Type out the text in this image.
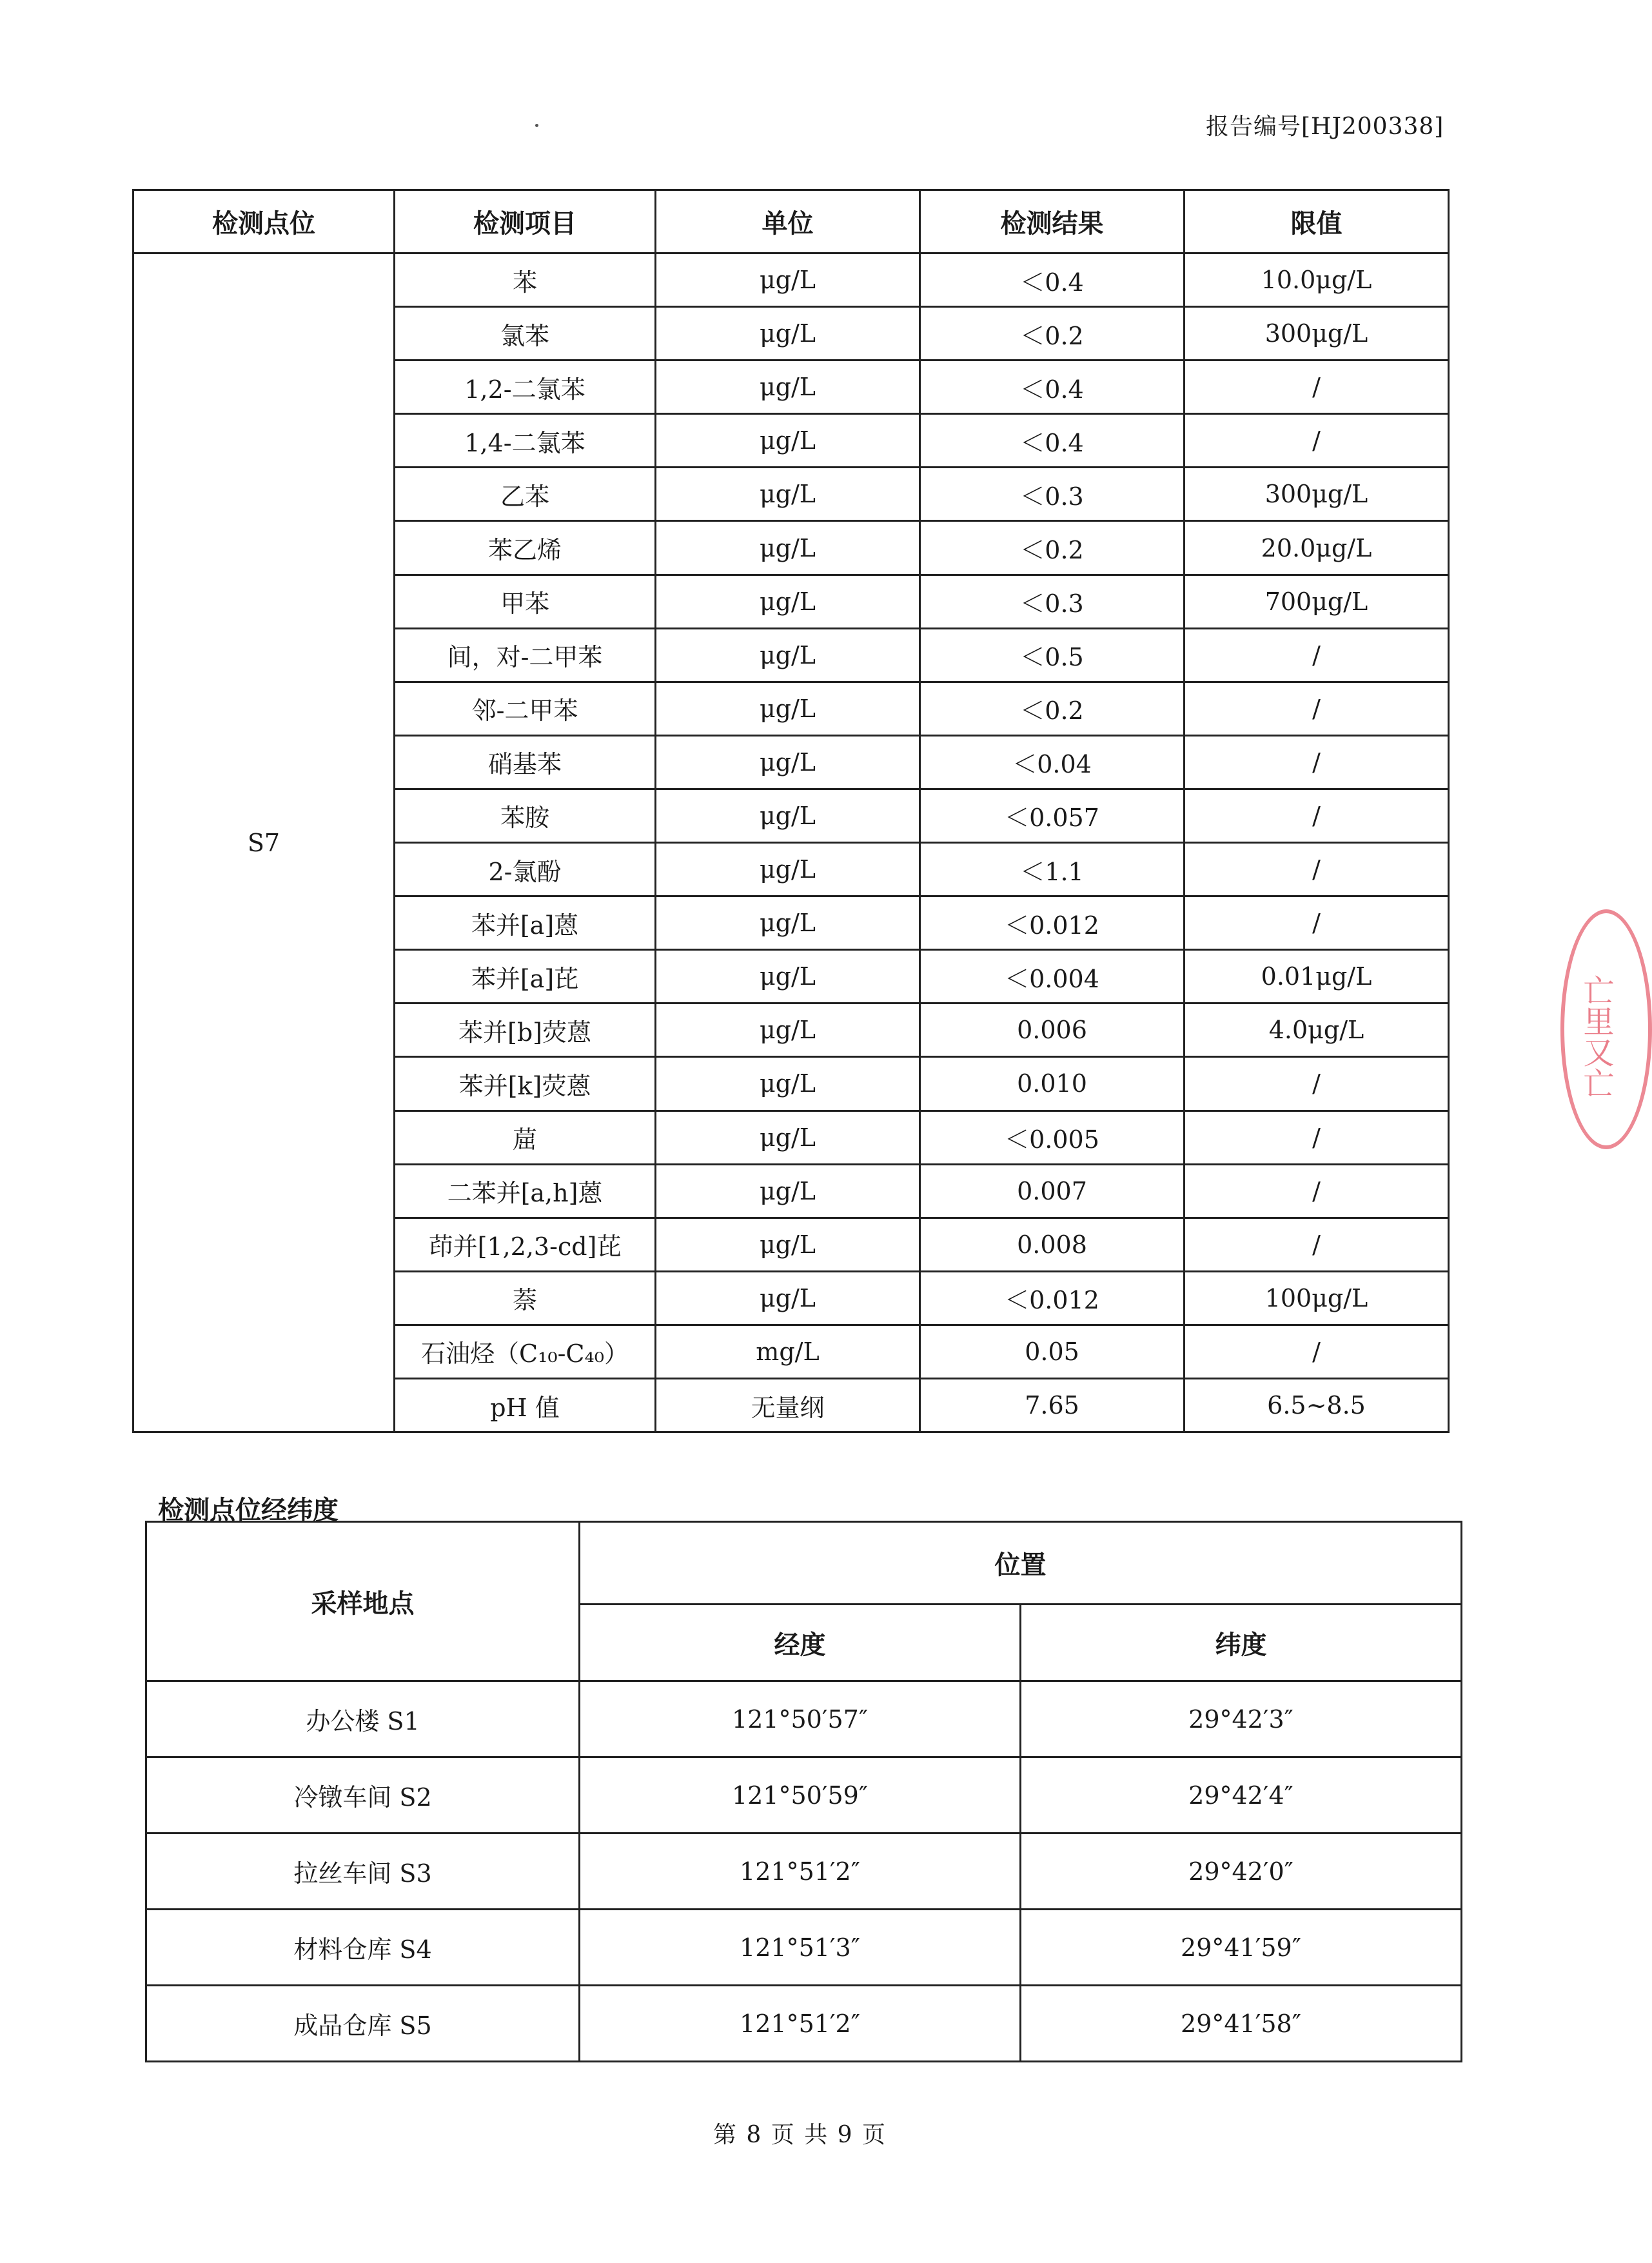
报告编号[HJ200338]
检测点位	检测项目	单位	检测结果	限值
S7	苯	μg/L	＜0.4	10.0μg/L
	氯苯	μg/L	＜0.2	300μg/L
	1,2-二氯苯	μg/L	＜0.4	/
	1,4-二氯苯	μg/L	＜0.4	/
	乙苯	μg/L	＜0.3	300μg/L
	苯乙烯	μg/L	＜0.2	20.0μg/L
	甲苯	μg/L	＜0.3	700μg/L
	间，对-二甲苯	μg/L	＜0.5	/
	邻-二甲苯	μg/L	＜0.2	/
	硝基苯	μg/L	＜0.04	/
	苯胺	μg/L	＜0.057	/
	2-氯酚	μg/L	＜1.1	/
	苯并[a]蒽	μg/L	＜0.012	/
	苯并[a]芘	μg/L	＜0.004	0.01μg/L
	苯并[b]荧蒽	μg/L	0.006	4.0μg/L
	苯并[k]荧蒽	μg/L	0.010	/
	䓛	μg/L	＜0.005	/
	二苯并[a,h]蒽	μg/L	0.007	/
	茚并[1,2,3-cd]芘	μg/L	0.008	/
	萘	μg/L	＜0.012	100μg/L
	石油烃（C₁₀-C₄₀）	mg/L	0.05	/
	pH 值	无量纲	7.65	6.5~8.5
检测点位经纬度
采样地点	位置	
	经度	纬度
办公楼 S1	121°50′57″	29°42′3″
冷镦车间 S2	121°50′59″	29°42′4″
拉丝车间 S3	121°51′2″	29°42′0″
材料仓库 S4	121°51′3″	29°41′59″
成品仓库 S5	121°51′2″	29°41′58″
第 8 页 共 9 页
亡里又亡
